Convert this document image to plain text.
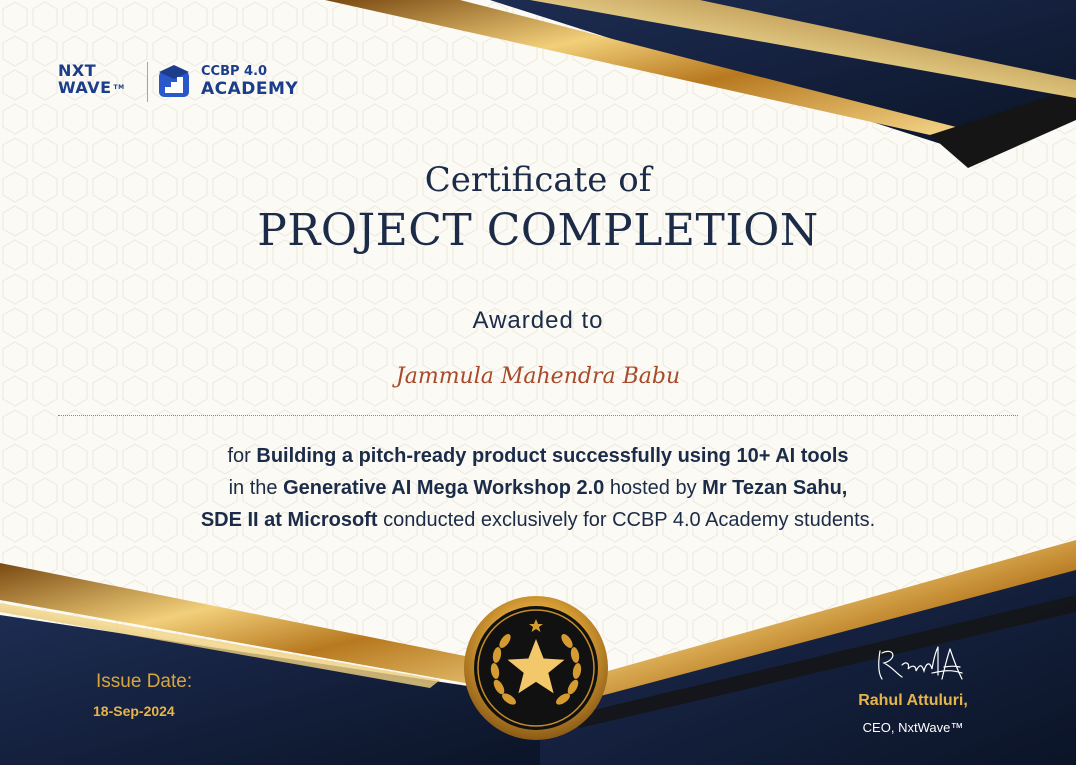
NXT
WAVE TM
CCBP 4.0
ACADEMY
Certificate of
PROJECT COMPLETION
Awarded to
Jammula Mahendra Babu
for Building a pitch-ready product successfully using 10+ AI tools
in the Generative AI Mega Workshop 2.0 hosted by Mr Tezan Sahu,
SDE II at Microsoft conducted exclusively for CCBP 4.0 Academy students.
Issue Date:
18-Sep-2024
Rahul Attuluri,
CEO, NxtWave™
